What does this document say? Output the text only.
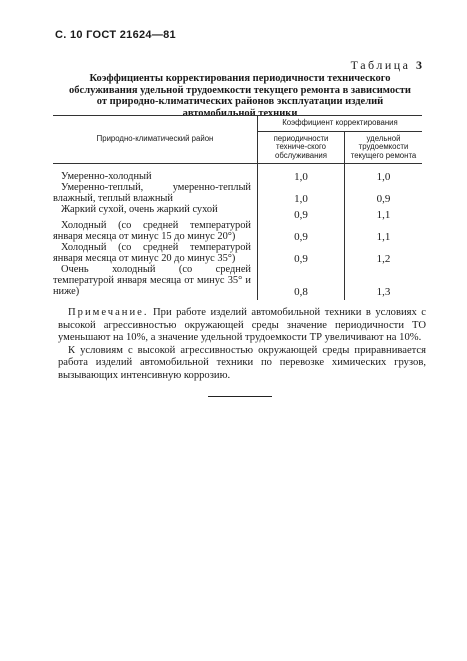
С. 10 ГОСТ 21624—81
Таблица 3
Коэффициенты корректирования периодичности технического обслуживания удельной трудоемкости текущего ремонта в зависимости от природно-климатических районов эксплуатации изделий автомобильной техники
Природно-климатический район	Коэффициент корректирования	
	периодичности техниче-ского обслуживания	удельной трудоемкости текущего ремонта
Умеренно-холодный	1,0	1,0
Умеренно-теплый, умеренно-теплый влажный, теплый влажный	1,0	0,9
Жаркий сухой, очень жаркий сухой	0,9	1,1
Холодный (со средней температурой января месяца от минус 15 до минус 20°)	0,9	1,1
Холодный (со средней температурой января месяца от минус 20 до минус 35°)	0,9	1,2
Очень холодный (со средней температурой января месяца от минус 35° и ниже)	0,8	1,3

Примечание. При работе изделий автомобильной техники в условиях с высокой агрессивностью окружающей среды значение периодичности ТО уменьшают на 10%, а значение удельной трудоемкости ТР увеличивают на 10%.

К условиям с высокой агрессивностью окружающей среды приравнивается работа изделий автомобильной техники по перевозке химических грузов, вызывающих интенсивную коррозию.
